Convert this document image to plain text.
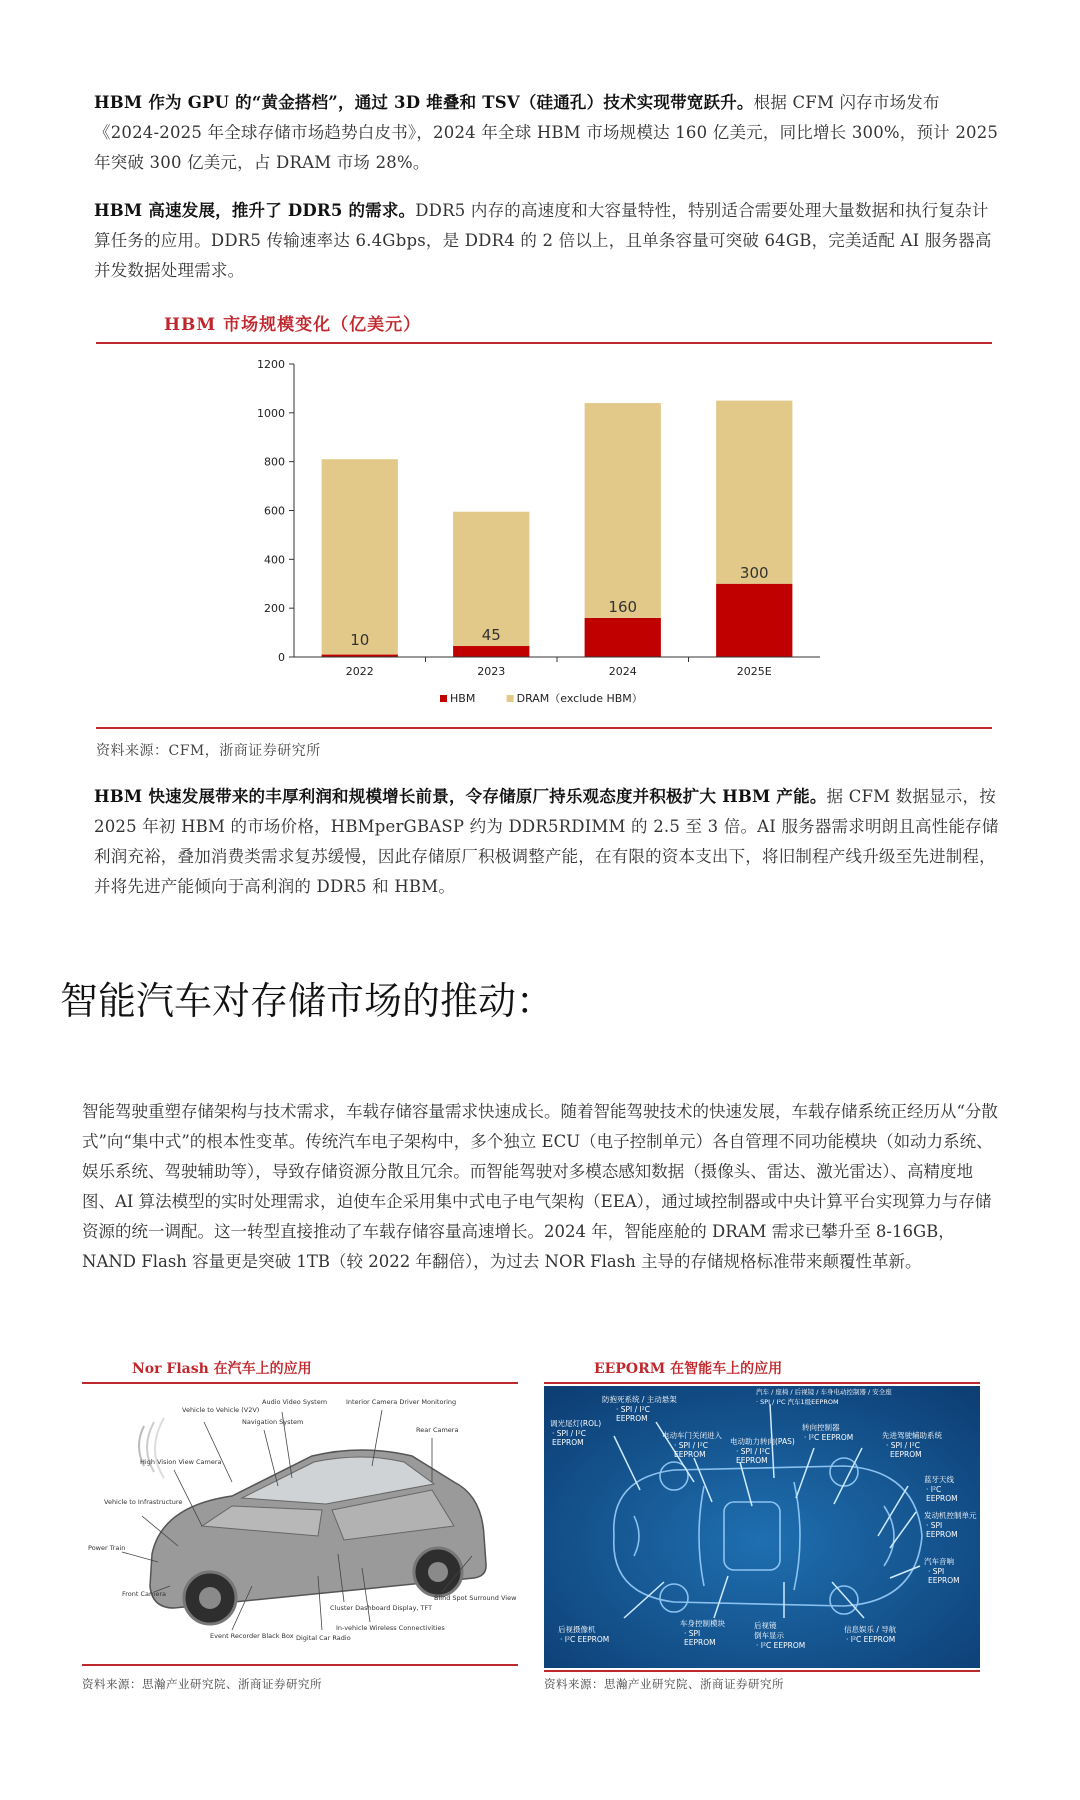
HBM 作为 GPU 的“黄金搭档”，通过 3D 堆叠和 TSV（硅通孔）技术实现带宽跃升。根据 CFM 闪存市场发布《2024-2025 年全球存储市场趋势白皮书》，2024 年全球 HBM 市场规模达 160 亿美元，同比增长 300%，预计 2025 年突破 300 亿美元，占 DRAM 市场 28%。

HBM 高速发展，推升了 DDR5 的需求。DDR5 内存的高速度和大容量特性，特别适合需要处理大量数据和执行复杂计算任务的应用。DDR5 传输速率达 6.4Gbps，是 DDR4 的 2 倍以上，且单条容量可突破 64GB，完美适配 AI 服务器高并发数据处理需求。

HBM 市场规模变化（亿美元）
0
200
400
600
800
1000
1200
10	45
160
300
2022	2023	2024	2025E
HBM	DRAM（exclude HBM）
资料来源：CFM，浙商证券研究所

HBM 快速发展带来的丰厚利润和规模增长前景，令存储原厂持乐观态度并积极扩大 HBM 产能。据 CFM 数据显示，按 2025 年初 HBM 的市场价格，HBMperGBASP 约为 DDR5RDIMM 的 2.5 至 3 倍。AI 服务器需求明朗且高性能存储利润充裕，叠加消费类需求复苏缓慢，因此存储原厂积极调整产能，在有限的资本支出下，将旧制程产线升级至先进制程，并将先进产能倾向于高利润的 DDR5 和 HBM。

智能汽车对存储市场的推动：

智能驾驶重塑存储架构与技术需求，车载存储容量需求快速成长。随着智能驾驶技术的快速发展，车载存储系统正经历从“分散式”向“集中式”的根本性变革。传统汽车电子架构中，多个独立 ECU（电子控制单元）各自管理不同功能模块（如动力系统、娱乐系统、驾驶辅助等），导致存储资源分散且冗余。而智能驾驶对多模态感知数据（摄像头、雷达、激光雷达）、高精度地图、AI 算法模型的实时处理需求，迫使车企采用集中式电子电气架构（EEA），通过域控制器或中央计算平台实现算力与存储资源的统一调配。这一转型直接推动了车载存储容量高速增长。2024 年，智能座舱的 DRAM 需求已攀升至 8-16GB，NAND Flash 容量更是突破 1TB（较 2022 年翻倍），为过去 NOR Flash 主导的存储规格标准带来颠覆性革新。

Nor Flash 在汽车上的应用
Vehicle to Vehicle (V2V)
Audio Video System	Interior Camera Driver Monitoring
Navigation System
Rear Camera
High Vision View Camera
Vehicle to Infrastructure
Power Train
Front Camera
Event Recorder Black Box Digital Car Radio
In-vehicle Wireless Connectivities
Cluster Dashboard Display, TFT
Blind Spot Surround View
资料来源：思瀚产业研究院、浙商证券研究所
EEPORM 在智能车上的应用
防抱死系统 / 主动悬架
· SPI / I²C
EEPROM
汽车 / 座椅 / 后视镜 / 车身电动控制器 / 安全座
· SPI / I²C 汽车1级EEPROM
调光尾灯(ROL)
· SPI / I²C
EEPROM
电动车门关闭进入
· SPI / I²C
EEPROM
电动助力转向(PAS)
· SPI / I²C
EEPROM
转向控制器
· I²C EEPROM	先进驾驶辅助系统
· SPI / I²C
EEPROM
蓝牙天线
· I²C
EEPROM
发动机控制单元
· SPI
EEPROM
汽车音响
· SPI
EEPROM
后视摄像机
· I²C EEPROM
车身控制模块
· SPI
EEPROM
后视镜
倒车显示
· I²C EEPROM
信息娱乐 / 导航
· I²C EEPROM
资料来源：思瀚产业研究院、浙商证券研究所
